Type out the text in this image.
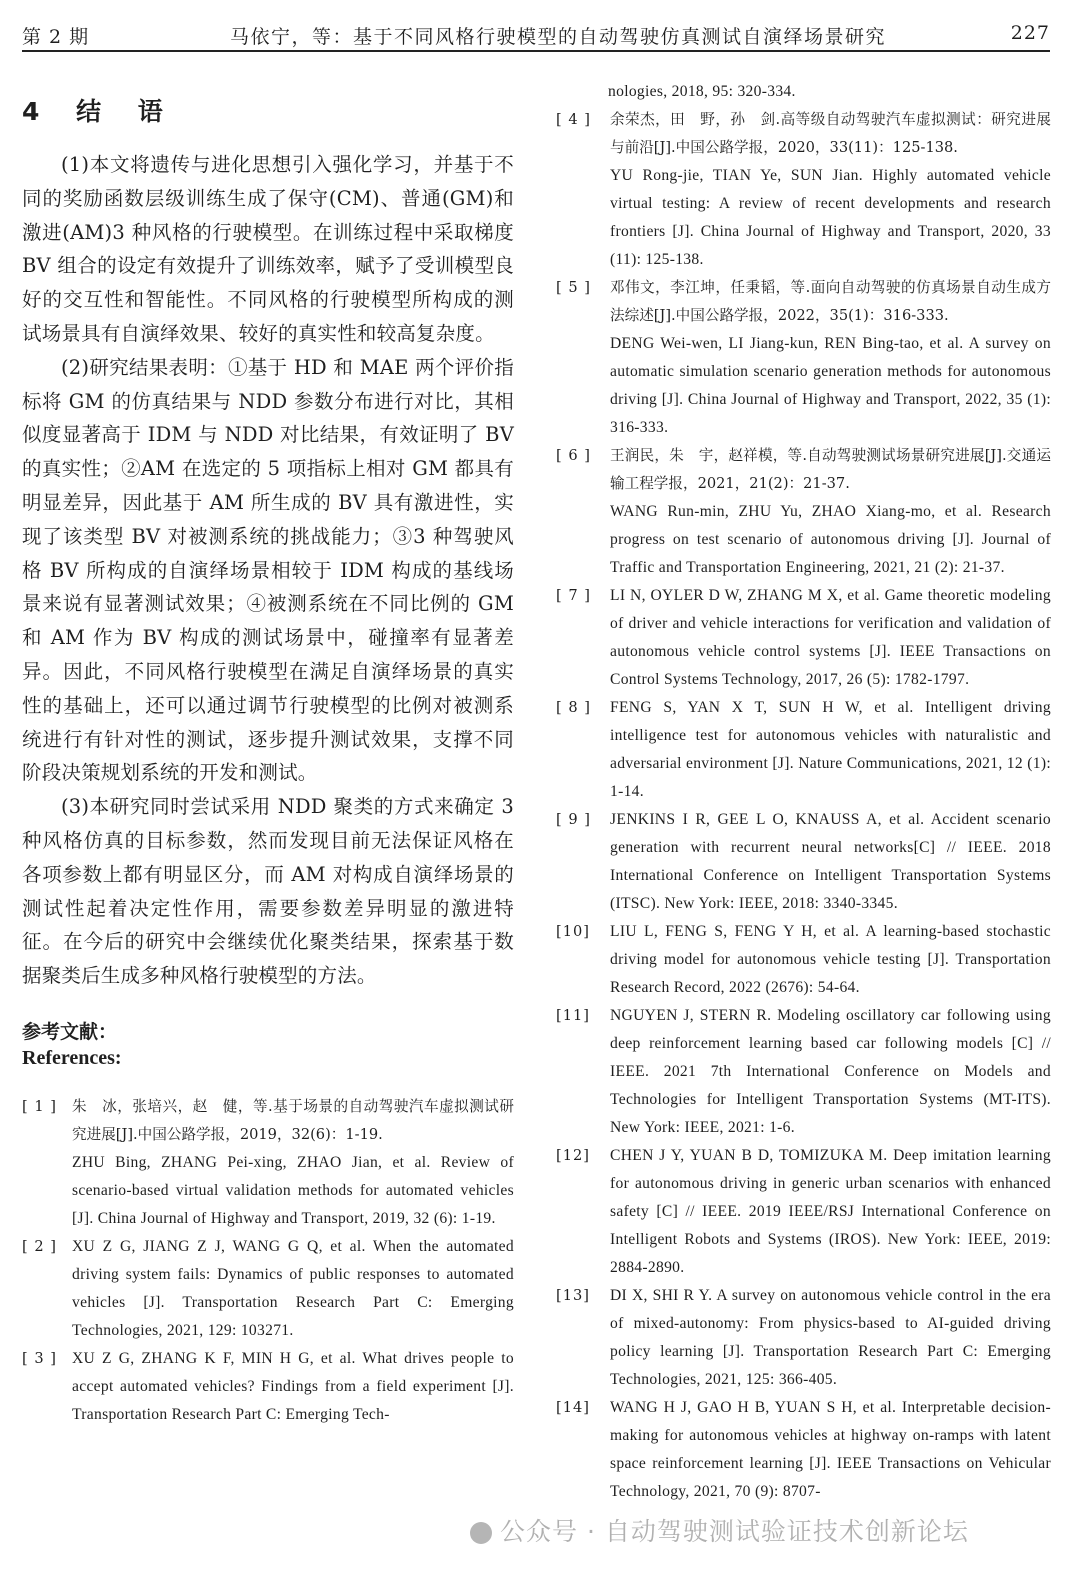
第 2 期	马依宁，等：基于不同风格行驶模型的自动驾驶仿真测试自演绎场景研究	227
4 结 语

(1)本文将遗传与进化思想引入强化学习，并基于不同的奖励函数层级训练生成了保守(CM)、普通(GM)和激进(AM)3 种风格的行驶模型。在训练过程中采取梯度 BV 组合的设定有效提升了训练效率，赋予了受训模型良好的交互性和智能性。不同风格的行驶模型所构成的测试场景具有自演绎效果、较好的真实性和较高复杂度。

(2)研究结果表明：①基于 HD 和 MAE 两个评价指标将 GM 的仿真结果与 NDD 参数分布进行对比，其相似度显著高于 IDM 与 NDD 对比结果，有效证明了 BV 的真实性；②AM 在选定的 5 项指标上相对 GM 都具有明显差异，因此基于 AM 所生成的 BV 具有激进性，实现了该类型 BV 对被测系统的挑战能力；③3 种驾驶风格 BV 所构成的自演绎场景相较于 IDM 构成的基线场景来说有显著测试效果；④被测系统在不同比例的 GM 和 AM 作为 BV 构成的测试场景中，碰撞率有显著差异。因此，不同风格行驶模型在满足自演绎场景的真实性的基础上，还可以通过调节行驶模型的比例对被测系统进行有针对性的测试，逐步提升测试效果，支撑不同阶段决策规划系统的开发和测试。

(3)本研究同时尝试采用 NDD 聚类的方式来确定 3 种风格仿真的目标参数，然而发现目前无法保证风格在各项参数上都有明显区分，而 AM 对构成自演绎场景的测试性起着决定性作用，需要参数差异明显的激进特征。在今后的研究中会继续优化聚类结果，探索基于数据聚类后生成多种风格行驶模型的方法。

参考文献：
References:
[ 1 ]	朱　冰，张培兴，赵　健，等.基于场景的自动驾驶汽车虚拟测试研究进展[J].中国公路学报，2019，32(6)：1-19.
ZHU Bing, ZHANG Pei-xing, ZHAO Jian, et al. Review of scenario-based virtual validation methods for automated vehicles [J]. China Journal of Highway and Transport, 2019, 32 (6): 1-19.
[ 2 ] XU Z G, JIANG Z J, WANG G Q, et al. When the automated driving system fails: Dynamics of public responses to automated vehicles [J]. Transportation Research Part C: Emerging Technologies, 2021, 129: 103271.
[ 3 ] XU Z G, ZHANG K F, MIN H G, et al. What drives people to accept automated vehicles? Findings from a field experiment [J]. Transportation Research Part C: Emerging Tech-
nologies, 2018, 95: 320-334.
[ 4 ]	余荣杰，田　野，孙　剑.高等级自动驾驶汽车虚拟测试：研究进展与前沿[J].中国公路学报，2020，33(11)：125-138.
YU Rong-jie, TIAN Ye, SUN Jian. Highly automated vehicle virtual testing: A review of recent developments and research frontiers [J]. China Journal of Highway and Transport, 2020, 33 (11): 125-138.
[ 5 ]	邓伟文，李江坤，任秉韬，等.面向自动驾驶的仿真场景自动生成方法综述[J].中国公路学报，2022，35(1)：316-333.
DENG Wei-wen, LI Jiang-kun, REN Bing-tao, et al. A survey on automatic simulation scenario generation methods for autonomous driving [J]. China Journal of Highway and Transport, 2022, 35 (1): 316-333.
[ 6 ]	王润民，朱　宇，赵祥模，等.自动驾驶测试场景研究进展[J].交通运输工程学报，2021，21(2)：21-37.
WANG Run-min, ZHU Yu, ZHAO Xiang-mo, et al. Research progress on test scenario of autonomous driving [J]. Journal of Traffic and Transportation Engineering, 2021, 21 (2): 21-37.
[ 7 ]	LI N, OYLER D W, ZHANG M X, et al. Game theoretic modeling of driver and vehicle interactions for verification and validation of autonomous vehicle control systems [J]. IEEE Transactions on Control Systems Technology, 2017, 26 (5): 1782-1797.
[ 8 ]	FENG S, YAN X T, SUN H W, et al. Intelligent driving intelligence test for autonomous vehicles with naturalistic and adversarial environment [J]. Nature Communications, 2021, 12 (1): 1-14.
[ 9 ]	JENKINS I R, GEE L O, KNAUSS A, et al. Accident scenario generation with recurrent neural networks[C] // IEEE. 2018 International Conference on Intelligent Transportation Systems (ITSC). New York: IEEE, 2018: 3340-3345.
[10]	LIU L, FENG S, FENG Y H, et al. A learning-based stochastic driving model for autonomous vehicle testing [J]. Transportation Research Record, 2022 (2676): 54-64.
[11]	NGUYEN J, STERN R. Modeling oscillatory car following using deep reinforcement learning based car following models [C] // IEEE. 2021 7th International Conference on Models and Technologies for Intelligent Transportation Systems (MT-ITS). New York: IEEE, 2021: 1-6.
[12]	CHEN J Y, YUAN B D, TOMIZUKA M. Deep imitation learning for autonomous driving in generic urban scenarios with enhanced safety [C] // IEEE. 2019 IEEE/RSJ International Conference on Intelligent Robots and Systems (IROS). New York: IEEE, 2019: 2884-2890.
[13]	DI X, SHI R Y. A survey on autonomous vehicle control in the era of mixed-autonomy: From physics-based to AI-guided driving policy learning [J]. Transportation Research Part C: Emerging Technologies, 2021, 125: 366-405.
[14]	WANG H J, GAO H B, YUAN S H, et al. Interpretable decision-making for autonomous vehicles at highway on-ramps with latent space reinforcement learning [J]. IEEE Transactions on Vehicular Technology, 2021, 70 (9): 8707-
公众号 · 自动驾驶测试验证技术创新论坛
